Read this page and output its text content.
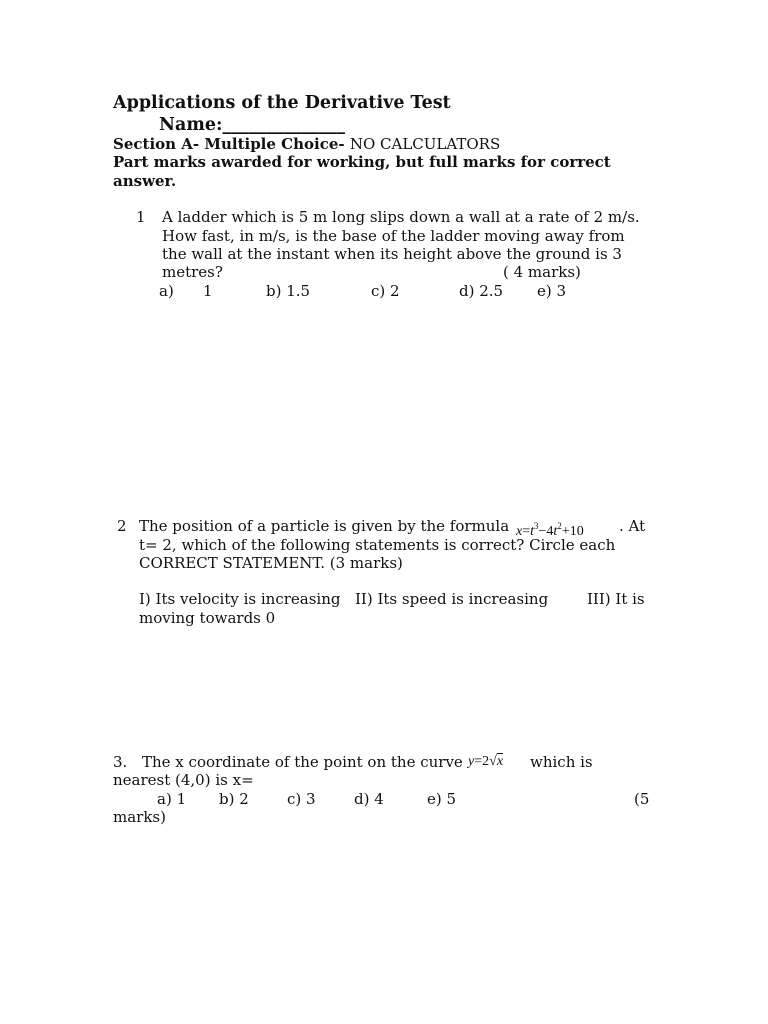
Applications of the Derivative Test
Name:______________
Section A- Multiple Choice- NO CALCULATORS
Part marks awarded for working, but full marks for correct
answer.
1 A ladder which is 5 m long slips down a wall at a rate of 2 m/s.
How fast, in m/s, is the base of the ladder moving away from
the wall at the instant when its height above the ground is 3
metres?	( 4 marks)
a) 1	b) 1.5	c) 2	d) 2.5 e) 3
2 The position of a particle is given by the formula $x=t^3-4t^2+10$ . At
t= 2, which of the following statements is correct? Circle each
CORRECT STATEMENT. (3 marks)
I) Its velocity is increasing II) Its speed is increasing	III) It is
moving towards 0
3. The x coordinate of the point on the curve y=2√x which is
nearest (4,0) is x=
a) 1 b) 2	c) 3	d) 4	e) 5	(5
marks)
